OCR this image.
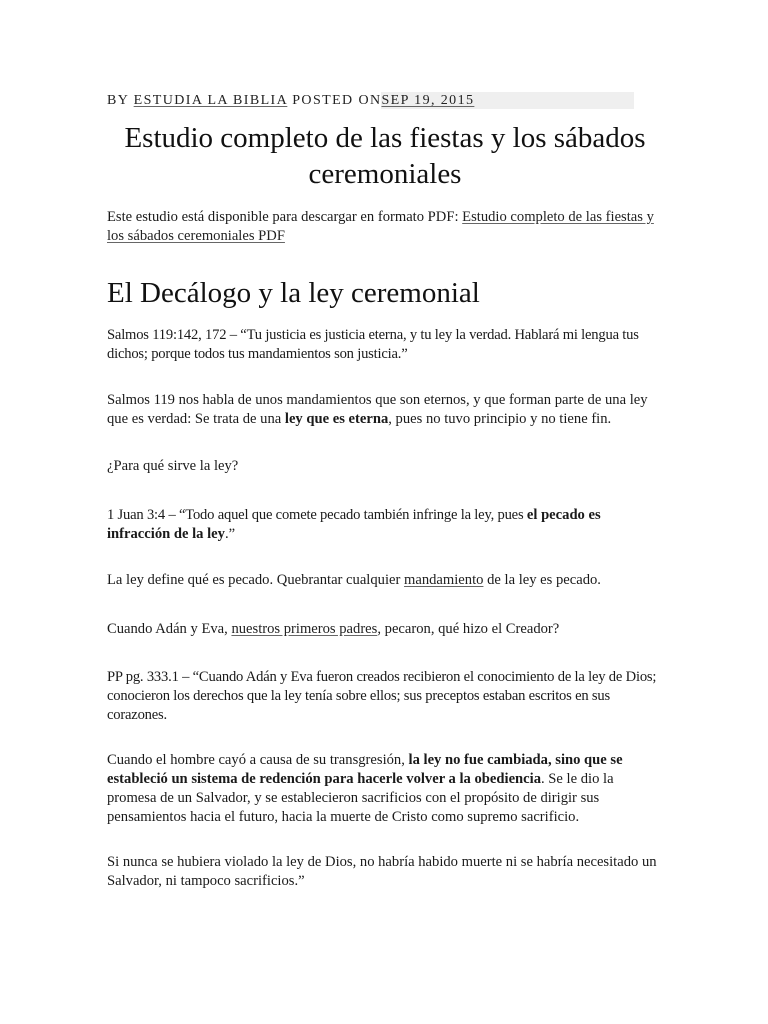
BY ESTUDIA LA BIBLIA POSTED ONSEP 19, 2015
Estudio completo de las fiestas y los sábados ceremoniales

Este estudio está disponible para descargar en formato PDF: Estudio completo de las fiestas y los sábados ceremoniales PDF

El Decálogo y la ley ceremonial

Salmos 119:142, 172 – “Tu justicia es justicia eterna, y tu ley la verdad. Hablará mi lengua tus dichos; porque todos tus mandamientos son justicia.”

Salmos 119 nos habla de unos mandamientos que son eternos, y que forman parte de una ley que es verdad: Se trata de una ley que es eterna, pues no tuvo principio y no tiene fin.

¿Para qué sirve la ley?

1 Juan 3:4 – “Todo aquel que comete pecado también infringe la ley, pues el pecado es infracción de la ley.”

La ley define qué es pecado. Quebrantar cualquier mandamiento de la ley es pecado.

Cuando Adán y Eva, nuestros primeros padres, pecaron, qué hizo el Creador?

PP pg. 333.1 – “Cuando Adán y Eva fueron creados recibieron el conocimiento de la ley de Dios; conocieron los derechos que la ley tenía sobre ellos; sus preceptos estaban escritos en sus corazones.

Cuando el hombre cayó a causa de su transgresión, la ley no fue cambiada, sino que se estableció un sistema de redención para hacerle volver a la obediencia. Se le dio la promesa de un Salvador, y se establecieron sacrificios con el propósito de dirigir sus pensamientos hacia el futuro, hacia la muerte de Cristo como supremo sacrificio.

Si nunca se hubiera violado la ley de Dios, no habría habido muerte ni se habría necesitado un Salvador, ni tampoco sacrificios.”
